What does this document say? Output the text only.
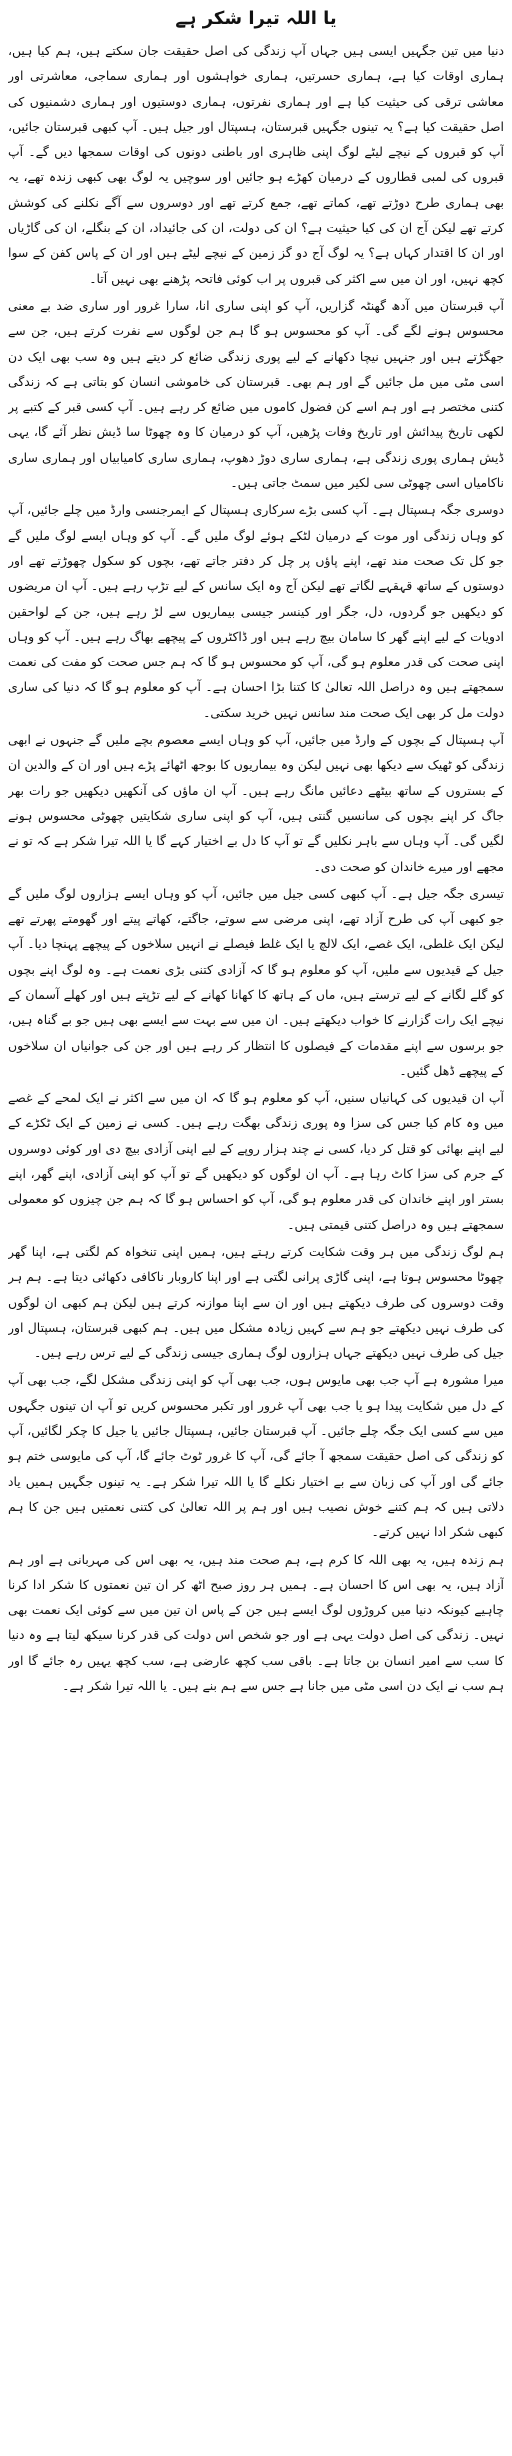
یا اللہ تیرا شکر ہے

دنیا میں تین جگہیں ایسی ہیں جہاں آپ زندگی کی اصل حقیقت جان سکتے ہیں، ہم کیا ہیں، ہماری اوقات کیا ہے، ہماری حسرتیں، ہماری خواہشوں اور ہماری سماجی، معاشرتی اور معاشی ترقی کی حیثیت کیا ہے اور ہماری نفرتوں، ہماری دوستیوں اور ہماری دشمنیوں کی اصل حقیقت کیا ہے؟ یہ تینوں جگہیں قبرستان، ہسپتال اور جیل ہیں۔ آپ کبھی قبرستان جائیں، آپ کو قبروں کے نیچے لیٹے لوگ اپنی ظاہری اور باطنی دونوں کی اوقات سمجھا دیں گے۔ آپ قبروں کی لمبی قطاروں کے درمیان کھڑے ہو جائیں اور سوچیں یہ لوگ بھی کبھی زندہ تھے، یہ بھی ہماری طرح دوڑتے تھے، کماتے تھے، جمع کرتے تھے اور دوسروں سے آگے نکلنے کی کوشش کرتے تھے لیکن آج ان کی کیا حیثیت ہے؟ ان کی دولت، ان کی جائیداد، ان کے بنگلے، ان کی گاڑیاں اور ان کا اقتدار کہاں ہے؟ یہ لوگ آج دو گز زمین کے نیچے لیٹے ہیں اور ان کے پاس کفن کے سوا کچھ نہیں، اور ان میں سے اکثر کی قبروں پر اب کوئی فاتحہ پڑھنے بھی نہیں آتا۔

آپ قبرستان میں آدھ گھنٹہ گزاریں، آپ کو اپنی ساری انا، سارا غرور اور ساری ضد بے معنی محسوس ہونے لگے گی۔ آپ کو محسوس ہو گا ہم جن لوگوں سے نفرت کرتے ہیں، جن سے جھگڑتے ہیں اور جنہیں نیچا دکھانے کے لیے پوری زندگی ضائع کر دیتے ہیں وہ سب بھی ایک دن اسی مٹی میں مل جائیں گے اور ہم بھی۔ قبرستان کی خاموشی انسان کو بتاتی ہے کہ زندگی کتنی مختصر ہے اور ہم اسے کن فضول کاموں میں ضائع کر رہے ہیں۔ آپ کسی قبر کے کتبے پر لکھی تاریخ پیدائش اور تاریخ وفات پڑھیں، آپ کو درمیان کا وہ چھوٹا سا ڈیش نظر آئے گا، یہی ڈیش ہماری پوری زندگی ہے، ہماری ساری دوڑ دھوپ، ہماری ساری کامیابیاں اور ہماری ساری ناکامیاں اسی چھوٹی سی لکیر میں سمٹ جاتی ہیں۔

دوسری جگہ ہسپتال ہے۔ آپ کسی بڑے سرکاری ہسپتال کے ایمرجنسی وارڈ میں چلے جائیں، آپ کو وہاں زندگی اور موت کے درمیان لٹکے ہوئے لوگ ملیں گے۔ آپ کو وہاں ایسے لوگ ملیں گے جو کل تک صحت مند تھے، اپنے پاؤں پر چل کر دفتر جاتے تھے، بچوں کو سکول چھوڑتے تھے اور دوستوں کے ساتھ قہقہے لگاتے تھے لیکن آج وہ ایک سانس کے لیے تڑپ رہے ہیں۔ آپ ان مریضوں کو دیکھیں جو گردوں، دل، جگر اور کینسر جیسی بیماریوں سے لڑ رہے ہیں، جن کے لواحقین ادویات کے لیے اپنے گھر کا سامان بیچ رہے ہیں اور ڈاکٹروں کے پیچھے بھاگ رہے ہیں۔ آپ کو وہاں اپنی صحت کی قدر معلوم ہو گی، آپ کو محسوس ہو گا کہ ہم جس صحت کو مفت کی نعمت سمجھتے ہیں وہ دراصل اللہ تعالیٰ کا کتنا بڑا احسان ہے۔ آپ کو معلوم ہو گا کہ دنیا کی ساری دولت مل کر بھی ایک صحت مند سانس نہیں خرید سکتی۔

آپ ہسپتال کے بچوں کے وارڈ میں جائیں، آپ کو وہاں ایسے معصوم بچے ملیں گے جنہوں نے ابھی زندگی کو ٹھیک سے دیکھا بھی نہیں لیکن وہ بیماریوں کا بوجھ اٹھائے پڑے ہیں اور ان کے والدین ان کے بستروں کے ساتھ بیٹھے دعائیں مانگ رہے ہیں۔ آپ ان ماؤں کی آنکھیں دیکھیں جو رات بھر جاگ کر اپنے بچوں کی سانسیں گنتی ہیں، آپ کو اپنی ساری شکایتیں چھوٹی محسوس ہونے لگیں گی۔ آپ وہاں سے باہر نکلیں گے تو آپ کا دل بے اختیار کہے گا یا اللہ تیرا شکر ہے کہ تو نے مجھے اور میرے خاندان کو صحت دی۔

تیسری جگہ جیل ہے۔ آپ کبھی کسی جیل میں جائیں، آپ کو وہاں ایسے ہزاروں لوگ ملیں گے جو کبھی آپ کی طرح آزاد تھے، اپنی مرضی سے سوتے، جاگتے، کھاتے پیتے اور گھومتے پھرتے تھے لیکن ایک غلطی، ایک غصے، ایک لالچ یا ایک غلط فیصلے نے انہیں سلاخوں کے پیچھے پہنچا دیا۔ آپ جیل کے قیدیوں سے ملیں، آپ کو معلوم ہو گا کہ آزادی کتنی بڑی نعمت ہے۔ وہ لوگ اپنے بچوں کو گلے لگانے کے لیے ترستے ہیں، ماں کے ہاتھ کا کھانا کھانے کے لیے تڑپتے ہیں اور کھلے آسمان کے نیچے ایک رات گزارنے کا خواب دیکھتے ہیں۔ ان میں سے بہت سے ایسے بھی ہیں جو بے گناہ ہیں، جو برسوں سے اپنے مقدمات کے فیصلوں کا انتظار کر رہے ہیں اور جن کی جوانیاں ان سلاخوں کے پیچھے ڈھل گئیں۔

آپ ان قیدیوں کی کہانیاں سنیں، آپ کو معلوم ہو گا کہ ان میں سے اکثر نے ایک لمحے کے غصے میں وہ کام کیا جس کی سزا وہ پوری زندگی بھگت رہے ہیں۔ کسی نے زمین کے ایک ٹکڑے کے لیے اپنے بھائی کو قتل کر دیا، کسی نے چند ہزار روپے کے لیے اپنی آزادی بیچ دی اور کوئی دوسروں کے جرم کی سزا کاٹ رہا ہے۔ آپ ان لوگوں کو دیکھیں گے تو آپ کو اپنی آزادی، اپنے گھر، اپنے بستر اور اپنے خاندان کی قدر معلوم ہو گی، آپ کو احساس ہو گا کہ ہم جن چیزوں کو معمولی سمجھتے ہیں وہ دراصل کتنی قیمتی ہیں۔

ہم لوگ زندگی میں ہر وقت شکایت کرتے رہتے ہیں، ہمیں اپنی تنخواہ کم لگتی ہے، اپنا گھر چھوٹا محسوس ہوتا ہے، اپنی گاڑی پرانی لگتی ہے اور اپنا کاروبار ناکافی دکھائی دیتا ہے۔ ہم ہر وقت دوسروں کی طرف دیکھتے ہیں اور ان سے اپنا موازنہ کرتے ہیں لیکن ہم کبھی ان لوگوں کی طرف نہیں دیکھتے جو ہم سے کہیں زیادہ مشکل میں ہیں۔ ہم کبھی قبرستان، ہسپتال اور جیل کی طرف نہیں دیکھتے جہاں ہزاروں لوگ ہماری جیسی زندگی کے لیے ترس رہے ہیں۔

میرا مشورہ ہے آپ جب بھی مایوس ہوں، جب بھی آپ کو اپنی زندگی مشکل لگے، جب بھی آپ کے دل میں شکایت پیدا ہو یا جب بھی آپ غرور اور تکبر محسوس کریں تو آپ ان تینوں جگہوں میں سے کسی ایک جگہ چلے جائیں۔ آپ قبرستان جائیں، ہسپتال جائیں یا جیل کا چکر لگائیں، آپ کو زندگی کی اصل حقیقت سمجھ آ جائے گی، آپ کا غرور ٹوٹ جائے گا، آپ کی مایوسی ختم ہو جائے گی اور آپ کی زبان سے بے اختیار نکلے گا یا اللہ تیرا شکر ہے۔ یہ تینوں جگہیں ہمیں یاد دلاتی ہیں کہ ہم کتنے خوش نصیب ہیں اور ہم پر اللہ تعالیٰ کی کتنی نعمتیں ہیں جن کا ہم کبھی شکر ادا نہیں کرتے۔

ہم زندہ ہیں، یہ بھی اللہ کا کرم ہے، ہم صحت مند ہیں، یہ بھی اس کی مہربانی ہے اور ہم آزاد ہیں، یہ بھی اس کا احسان ہے۔ ہمیں ہر روز صبح اٹھ کر ان تین نعمتوں کا شکر ادا کرنا چاہیے کیونکہ دنیا میں کروڑوں لوگ ایسے ہیں جن کے پاس ان تین میں سے کوئی ایک نعمت بھی نہیں۔ زندگی کی اصل دولت یہی ہے اور جو شخص اس دولت کی قدر کرنا سیکھ لیتا ہے وہ دنیا کا سب سے امیر انسان بن جاتا ہے۔ باقی سب کچھ عارضی ہے، سب کچھ یہیں رہ جائے گا اور ہم سب نے ایک دن اسی مٹی میں جانا ہے جس سے ہم بنے ہیں۔ یا اللہ تیرا شکر ہے۔
